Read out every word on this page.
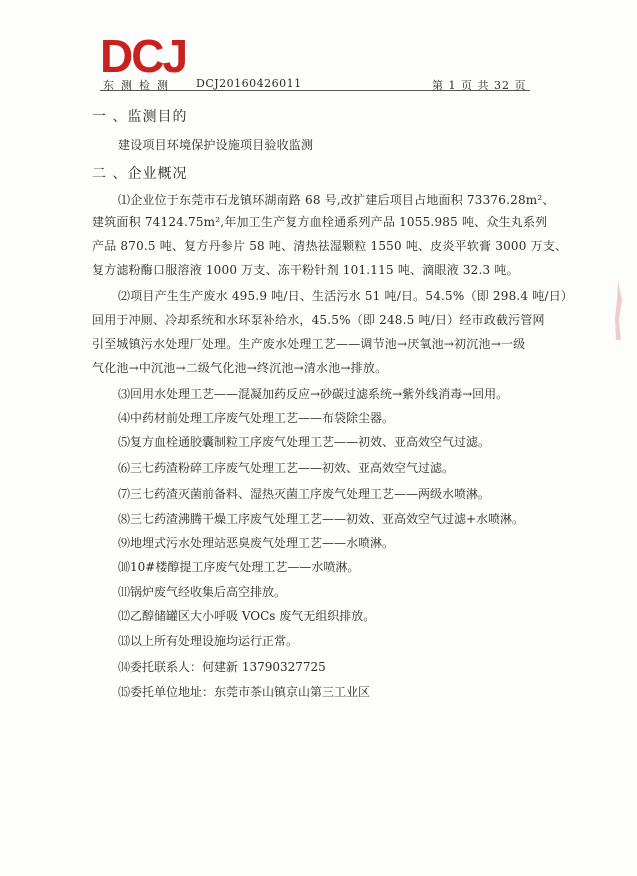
DCJ
东测检测 DCJ20160426011	第 1 页 共 32 页
一 、监测目的
建设项目环境保护设施项目验收监测
二 、企业概况
⑴企业位于东莞市石龙镇环湖南路 68 号,改扩建后项目占地面积 73376.28m²、
建筑面积 74124.75m²,年加工生产复方血栓通系列产品 1055.985 吨、众生丸系列
产品 870.5 吨、复方丹参片 58 吨、清热祛湿颗粒 1550 吨、皮炎平软膏 3000 万支、
复方滤粉酶口服溶液 1000 万支、冻干粉针剂 101.115 吨、滴眼液 32.3 吨。
⑵项目产生生产废水 495.9 吨/日、生活污水 51 吨/日。54.5%（即 298.4 吨/日）
回用于冲厕、冷却系统和水环泵补给水，45.5%（即 248.5 吨/日）经市政截污管网
引至城镇污水处理厂处理。生产废水处理工艺——调节池→厌氧池→初沉池→一级
气化池→中沉池→二级气化池→终沉池→清水池→排放。
⑶回用水处理工艺——混凝加药反应→砂碳过滤系统→紫外线消毒→回用。
⑷中药材前处理工序废气处理工艺——布袋除尘器。
⑸复方血栓通胶囊制粒工序废气处理工艺——初效、亚高效空气过滤。
⑹三七药渣粉碎工序废气处理工艺——初效、亚高效空气过滤。
⑺三七药渣灭菌前备料、湿热灭菌工序废气处理工艺——两级水喷淋。
⑻三七药渣沸腾干燥工序废气处理工艺——初效、亚高效空气过滤+水喷淋。
⑼地埋式污水处理站恶臭废气处理工艺——水喷淋。
⑽10#楼醇提工序废气处理工艺——水喷淋。
⑾锅炉废气经收集后高空排放。
⑿乙醇储罐区大小呼吸 VOCs 废气无组织排放。
⒀以上所有处理设施均运行正常。
⒁委托联系人：何建新 13790327725
⒂委托单位地址：东莞市茶山镇京山第三工业区
